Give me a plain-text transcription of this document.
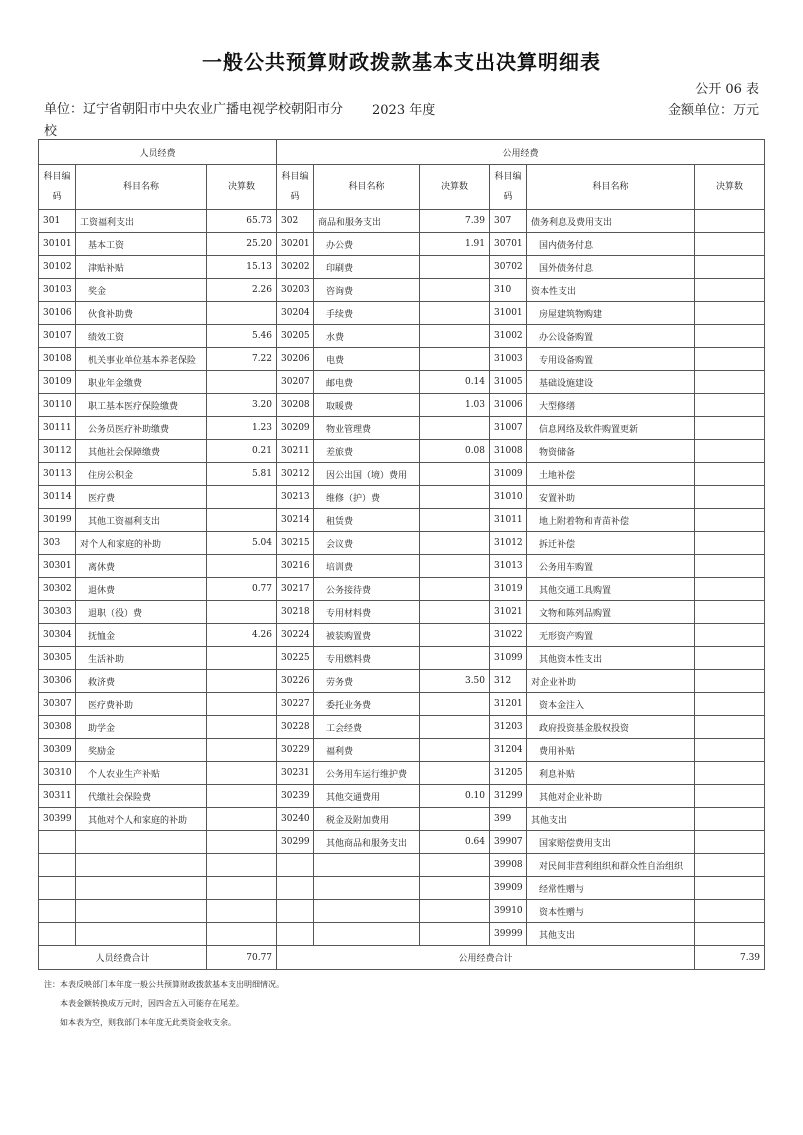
一般公共预算财政拨款基本支出决算明细表
公开 06 表
单位：辽宁省朝阳市中央农业广播电视学校朝阳市分校
2023 年度	金额单位：万元
人员经费			公用经费					
科目编码	科目名称	决算数	科目编码	科目名称	决算数	科目编码	科目名称	决算数
301	工资福利支出	65.73	302	商品和服务支出	7.39	307	债务利息及费用支出	
30101	基本工资	25.20	30201	办公费	1.91	30701	国内债务付息	
30102	津贴补贴	15.13	30202	印刷费		30702	国外债务付息	
30103	奖金	2.26	30203	咨询费		310	资本性支出	
30106	伙食补助费		30204	手续费		31001	房屋建筑物购建	
30107	绩效工资	5.46	30205	水费		31002	办公设备购置	
30108	机关事业单位基本养老保险	7.22	30206	电费		31003	专用设备购置	
30109	职业年金缴费		30207	邮电费	0.14	31005	基础设施建设	
30110	职工基本医疗保险缴费	3.20	30208	取暖费	1.03	31006	大型修缮	
30111	公务员医疗补助缴费	1.23	30209	物业管理费		31007	信息网络及软件购置更新	
30112	其他社会保障缴费	0.21	30211	差旅费	0.08	31008	物资储备	
30113	住房公积金	5.81	30212	因公出国（境）费用		31009	土地补偿	
30114	医疗费		30213	维修（护）费		31010	安置补助	
30199	其他工资福利支出		30214	租赁费		31011	地上附着物和青苗补偿	
303	对个人和家庭的补助	5.04	30215	会议费		31012	拆迁补偿	
30301	离休费		30216	培训费		31013	公务用车购置	
30302	退休费	0.77	30217	公务接待费		31019	其他交通工具购置	
30303	退职（役）费		30218	专用材料费		31021	文物和陈列品购置	
30304	抚恤金	4.26	30224	被装购置费		31022	无形资产购置	
30305	生活补助		30225	专用燃料费		31099	其他资本性支出	
30306	救济费		30226	劳务费	3.50	312	对企业补助	
30307	医疗费补助		30227	委托业务费		31201	资本金注入	
30308	助学金		30228	工会经费		31203	政府投资基金股权投资	
30309	奖励金		30229	福利费		31204	费用补贴	
30310	个人农业生产补贴		30231	公务用车运行维护费		31205	利息补贴	
30311	代缴社会保险费		30239	其他交通费用	0.10	31299	其他对企业补助	
30399	其他对个人和家庭的补助		30240	税金及附加费用		399	其他支出	
			30299	其他商品和服务支出	0.64	39907	国家赔偿费用支出	
						39908	对民间非营利组织和群众性自治组织	
						39909	经常性赠与	
						39910	资本性赠与	
						39999	其他支出	
人员经费合计		70.77	公用经费合计					7.39
注：本表反映部门本年度一般公共预算财政拨款基本支出明细情况。
本表金额转换成万元时，因四舍五入可能存在尾差。
如本表为空，则我部门本年度无此类资金收支余。
